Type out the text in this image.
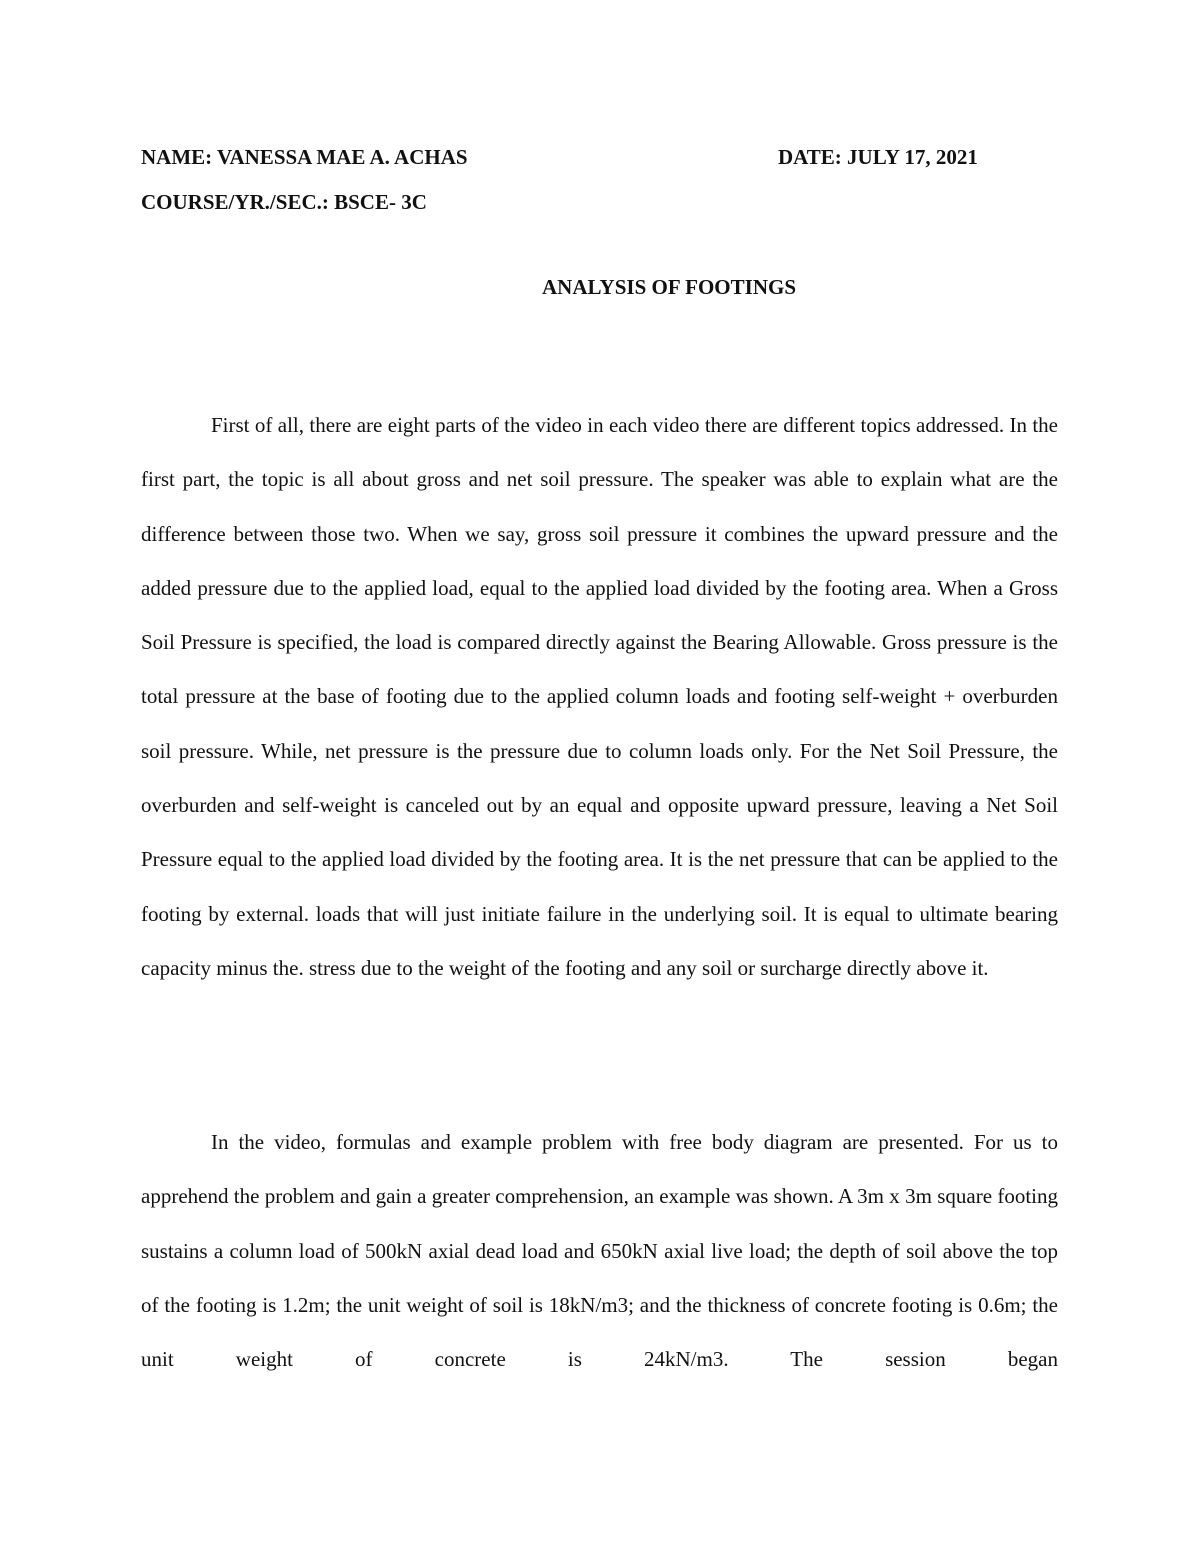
NAME: VANESSA MAE A. ACHAS	DATE: JULY 17, 2021
COURSE/YR./SEC.: BSCE- 3C
ANALYSIS OF FOOTINGS

First of all, there are eight parts of the video in each video there are different topics addressed. In the first part, the topic is all about gross and net soil pressure. The speaker was able to explain what are the difference between those two. When we say, gross soil pressure it combines the upward pressure and the added pressure due to the applied load, equal to the applied load divided by the footing area. When a Gross Soil Pressure is specified, the load is compared directly against the Bearing Allowable. Gross pressure is the total pressure at the base of footing due to the applied column loads and footing self-weight + overburden soil pressure. While, net pressure is the pressure due to column loads only. For the Net Soil Pressure, the overburden and self-weight is canceled out by an equal and opposite upward pressure, leaving a Net Soil Pressure equal to the applied load divided by the footing area. It is the net pressure that can be applied to the footing by external. loads that will just initiate failure in the underlying soil. It is equal to ultimate bearing capacity minus the. stress due to the weight of the footing and any soil or surcharge directly above it.

In the video, formulas and example problem with free body diagram are presented. For us to apprehend the problem and gain a greater comprehension, an example was shown. A 3m x 3m square footing sustains a column load of 500kN axial dead load and 650kN axial live load; the depth of soil above the top of the footing is 1.2m; the unit weight of soil is 18kN/m3; and the thickness of concrete footing is 0.6m; the unit weight of concrete is 24kN/m3. The session began
